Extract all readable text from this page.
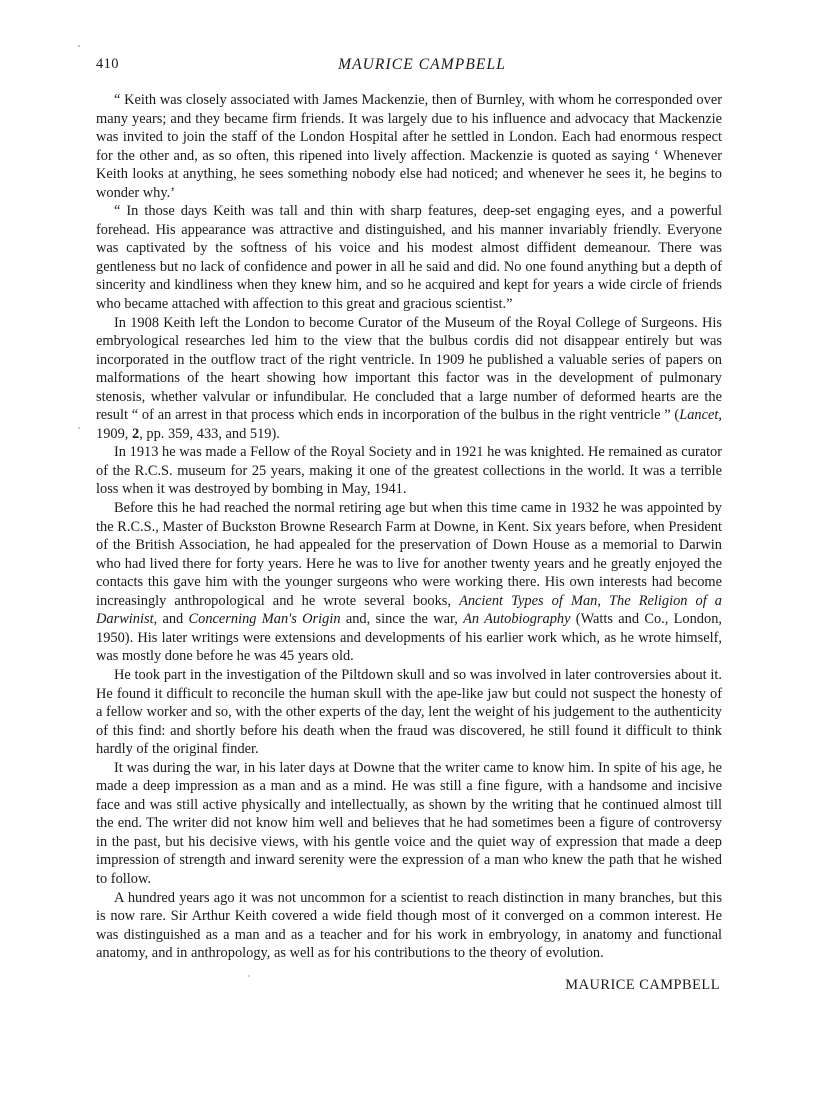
410	MAURICE CAMPBELL

“ Keith was closely associated with James Mackenzie, then of Burnley, with whom he corresponded over many years; and they became firm friends. It was largely due to his influence and advocacy that Mackenzie was invited to join the staff of the London Hospital after he settled in London. Each had enormous respect for the other and, as so often, this ripened into lively affection. Mackenzie is quoted as saying ‘ Whenever Keith looks at anything, he sees something nobody else had noticed; and whenever he sees it, he begins to wonder why.’

“ In those days Keith was tall and thin with sharp features, deep-set engaging eyes, and a powerful forehead. His appearance was attractive and distinguished, and his manner invariably friendly. Everyone was captivated by the softness of his voice and his modest almost diffident demeanour. There was gentleness but no lack of confidence and power in all he said and did. No one found anything but a depth of sincerity and kindliness when they knew him, and so he acquired and kept for years a wide circle of friends who became attached with affection to this great and gracious scientist.”

In 1908 Keith left the London to become Curator of the Museum of the Royal College of Surgeons. His embryological researches led him to the view that the bulbus cordis did not disappear entirely but was incorporated in the outflow tract of the right ventricle. In 1909 he published a valuable series of papers on malformations of the heart showing how important this factor was in the development of pulmonary stenosis, whether valvular or infundibular. He concluded that a large number of deformed hearts are the result “ of an arrest in that process which ends in incorporation of the bulbus in the right ventricle ” (Lancet, 1909, 2, pp. 359, 433, and 519).

In 1913 he was made a Fellow of the Royal Society and in 1921 he was knighted. He remained as curator of the R.C.S. museum for 25 years, making it one of the greatest collections in the world. It was a terrible loss when it was destroyed by bombing in May, 1941.

Before this he had reached the normal retiring age but when this time came in 1932 he was appointed by the R.C.S., Master of Buckston Browne Research Farm at Downe, in Kent. Six years before, when President of the British Association, he had appealed for the preservation of Down House as a memorial to Darwin who had lived there for forty years. Here he was to live for another twenty years and he greatly enjoyed the contacts this gave him with the younger surgeons who were working there. His own interests had become increasingly anthropological and he wrote several books, Ancient Types of Man, The Religion of a Darwinist, and Concerning Man's Origin and, since the war, An Autobiography (Watts and Co., London, 1950). His later writings were extensions and developments of his earlier work which, as he wrote himself, was mostly done before he was 45 years old.

He took part in the investigation of the Piltdown skull and so was involved in later controversies about it. He found it difficult to reconcile the human skull with the ape-like jaw but could not suspect the honesty of a fellow worker and so, with the other experts of the day, lent the weight of his judgement to the authenticity of this find: and shortly before his death when the fraud was discovered, he still found it difficult to think hardly of the original finder.

It was during the war, in his later days at Downe that the writer came to know him. In spite of his age, he made a deep impression as a man and as a mind. He was still a fine figure, with a handsome and incisive face and was still active physically and intellectually, as shown by the writing that he continued almost till the end. The writer did not know him well and believes that he had sometimes been a figure of controversy in the past, but his decisive views, with his gentle voice and the quiet way of expression that made a deep impression of strength and inward serenity were the expression of a man who knew the path that he wished to follow.

A hundred years ago it was not uncommon for a scientist to reach distinction in many branches, but this is now rare. Sir Arthur Keith covered a wide field though most of it converged on a common interest. He was distinguished as a man and as a teacher and for his work in embryology, in anatomy and functional anatomy, and in anthropology, as well as for his contributions to the theory of evolution.

MAURICE CAMPBELL
